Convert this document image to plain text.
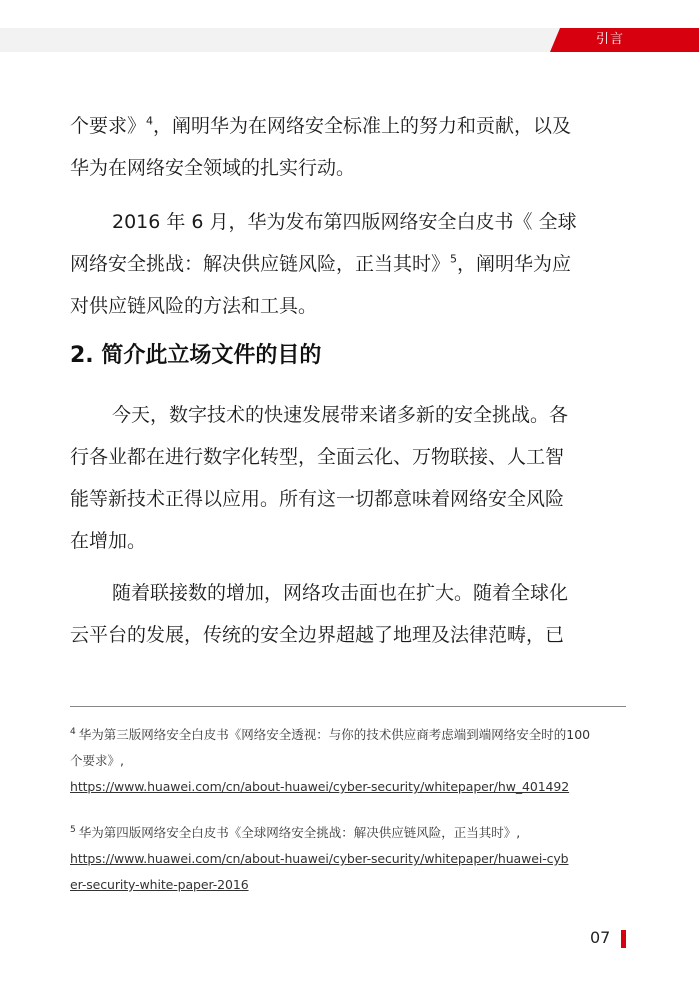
引言

个要求》$^4$，阐明华为在网络安全标准上的努力和贡献，以及
华为在网络安全领域的扎实行动。

2016 年 6 月，华为发布第四版网络安全白皮书《 全球
网络安全挑战：解决供应链风险，正当其时》$^5$，阐明华为应
对供应链风险的方法和工具。

2. 简介此立场文件的目的

今天，数字技术的快速发展带来诸多新的安全挑战。各
行各业都在进行数字化转型，全面云化、万物联接、人工智
能等新技术正得以应用。所有这一切都意味着网络安全风险
在增加。

随着联接数的增加，网络攻击面也在扩大。随着全球化
云平台的发展，传统的安全边界超越了地理及法律范畴，已

$^4$ 华为第三版网络安全白皮书《网络安全透视：与你的技术供应商考虑端到端网络安全时的100
个要求》,
https://www.huawei.com/cn/about-huawei/cyber-security/whitepaper/hw_401492

$^5$ 华为第四版网络安全白皮书《全球网络安全挑战：解决供应链风险，正当其时》,
https://www.huawei.com/cn/about-huawei/cyber-security/whitepaper/huawei-cyb
er-security-white-paper-2016

07
